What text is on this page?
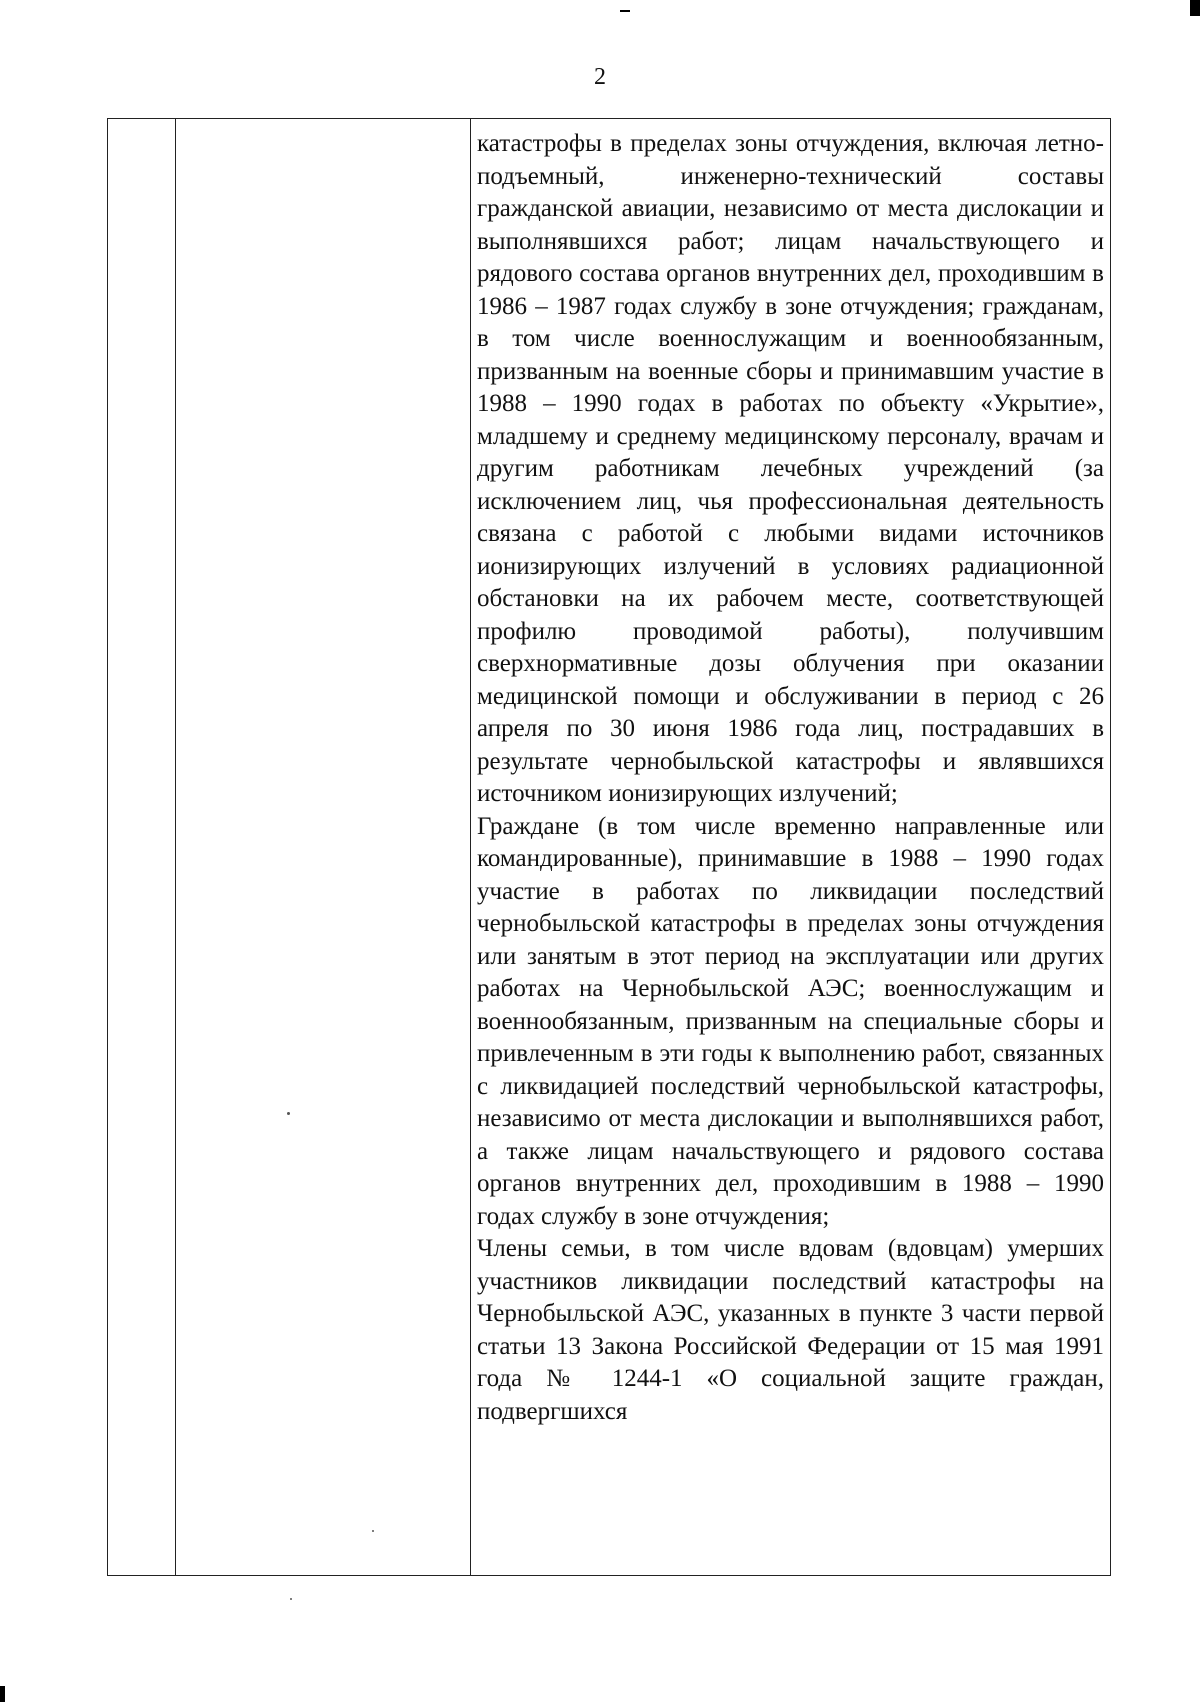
2

катастрофы в пределах зоны отчуждения, включая летно-подъемный, инженерно-технический составы гражданской авиации, независимо от места дислокации и выполнявшихся работ; лицам начальствующего и рядового состава органов внутренних дел, проходившим в 1986 – 1987 годах службу в зоне отчуждения; гражданам, в том числе военнослужащим и военнообязанным, призванным на военные сборы и принимавшим участие в 1988 – 1990 годах в работах по объекту «Укрытие», младшему и среднему медицинскому персоналу, врачам и другим работникам лечебных учреждений (за исключением лиц, чья профессиональная деятельность связана с работой с любыми видами источников ионизирующих излучений в условиях радиационной обстановки на их рабочем месте, соответствующей профилю проводимой работы), получившим сверхнормативные дозы облучения при оказании медицинской помощи и обслуживании в период с 26 апреля по 30 июня 1986 года лиц, пострадавших в результате чернобыльской катастрофы и являвшихся источником ионизирующих излучений;

Граждане (в том числе временно направленные или командированные), принимавшие в 1988 – 1990 годах участие в работах по ликвидации последствий чернобыльской катастрофы в пределах зоны отчуждения или занятым в этот период на эксплуатации или других работах на Чернобыльской АЭС; военнослужащим и военнообязанным, призванным на специальные сборы и привлеченным в эти годы к выполнению работ, связанных с ликвидацией последствий чернобыльской катастрофы, независимо от места дислокации и выполнявшихся работ, а также лицам начальствующего и рядового состава органов внутренних дел, проходившим в 1988 – 1990 годах службу в зоне отчуждения;

Члены семьи, в том числе вдовам (вдовцам) умерших участников ликвидации последствий катастрофы на Чернобыльской АЭС, указанных в пункте 3 части первой статьи 13 Закона Российской Федерации от 15 мая 1991 года № 1244-1 «О социальной защите граждан, подвергшихся
